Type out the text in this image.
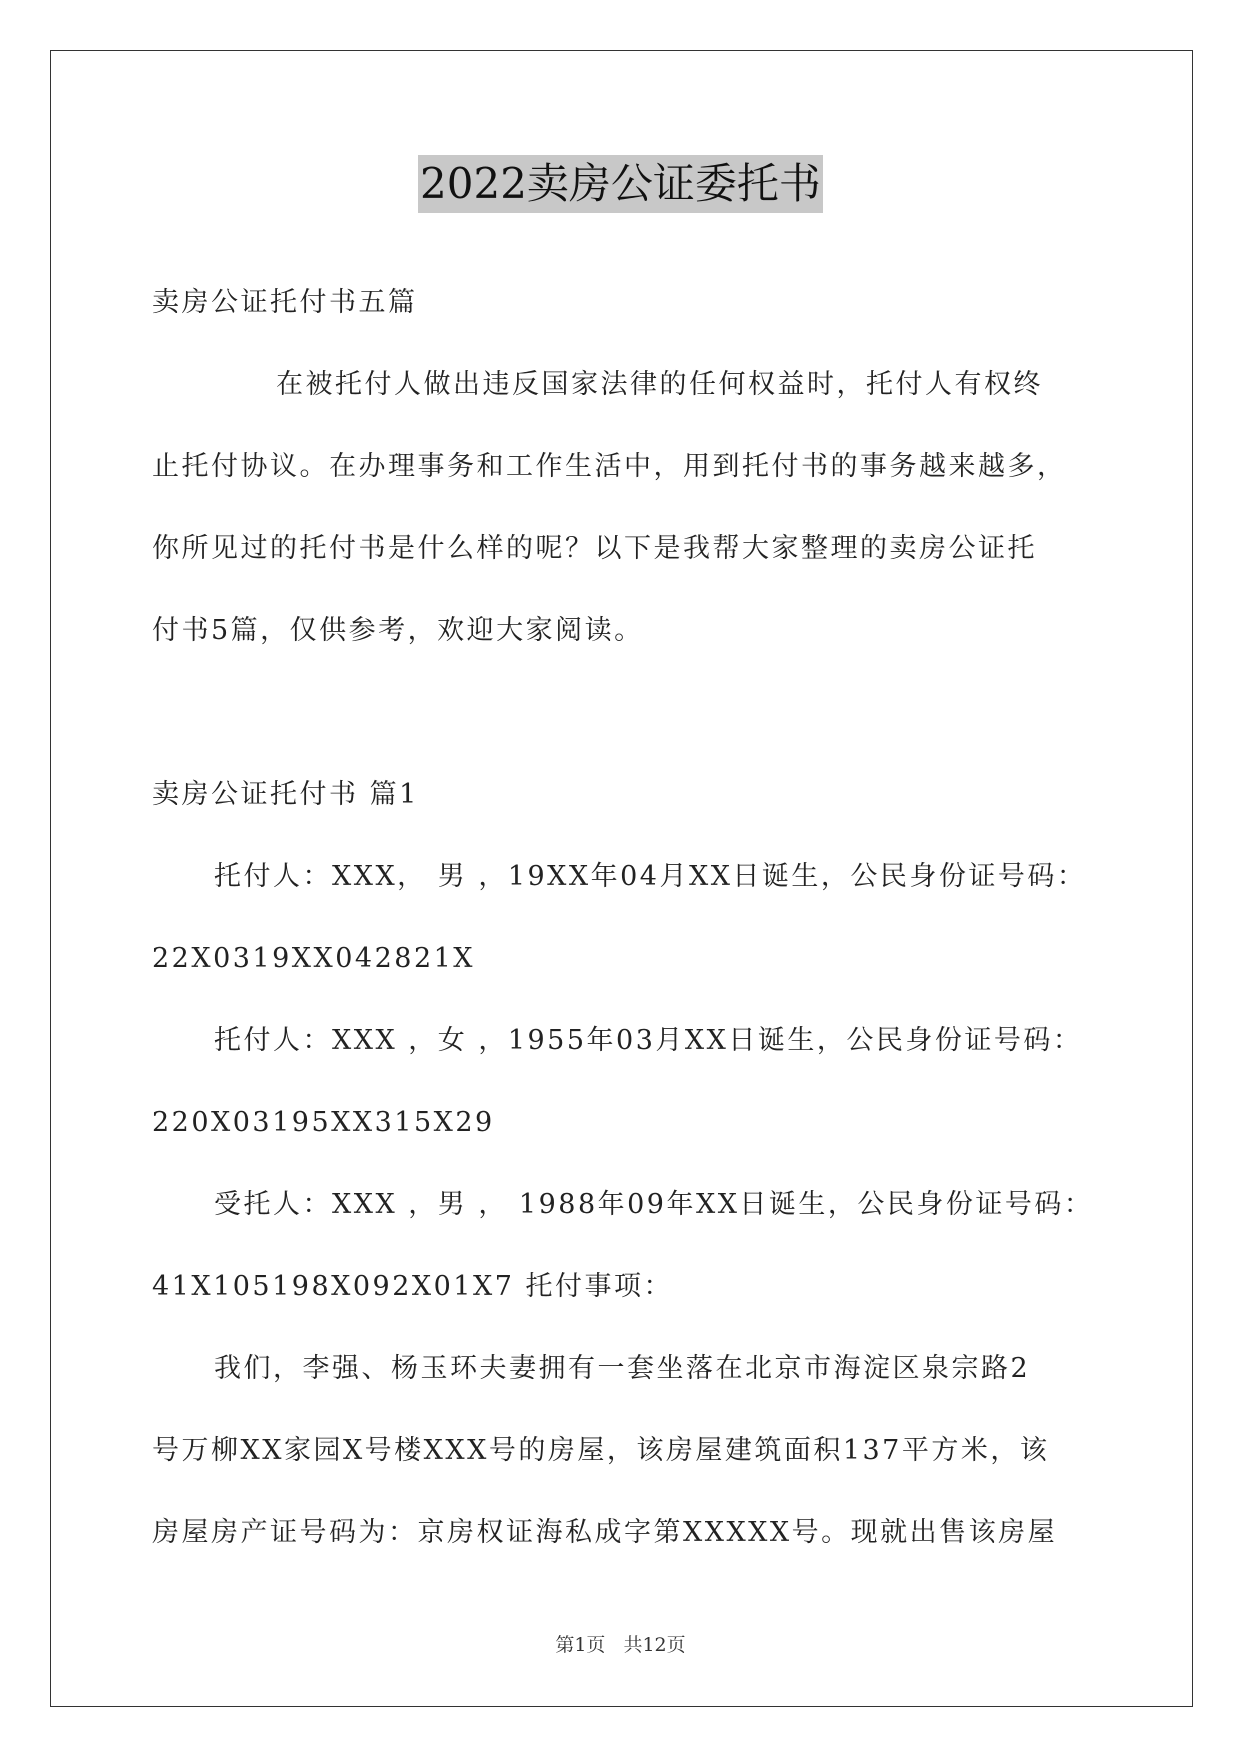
2022卖房公证委托书
卖房公证托付书五篇
在被托付人做出违反国家法律的任何权益时，托付人有权终
止托付协议。在办理事务和工作生活中，用到托付书的事务越来越多，
你所见过的托付书是什么样的呢？以下是我帮大家整理的卖房公证托
付书5篇，仅供参考，欢迎大家阅读。
卖房公证托付书 篇1
托付人：XXX， 男 ，19XX年04月XX日诞生，公民身份证号码：
22X0319XX042821X
托付人：XXX ，女 ，1955年03月XX日诞生，公民身份证号码：
220X03195XX315X29
受托人：XXX ，男 ， 1988年09年XX日诞生，公民身份证号码：
41X105198X092X01X7 托付事项：
我们，李强、杨玉环夫妻拥有一套坐落在北京市海淀区泉宗路2
号万柳XX家园X号楼XXX号的房屋，该房屋建筑面积137平方米，该
房屋房产证号码为：京房权证海私成字第XXXXX号。现就出售该房屋
第1页 共12页
